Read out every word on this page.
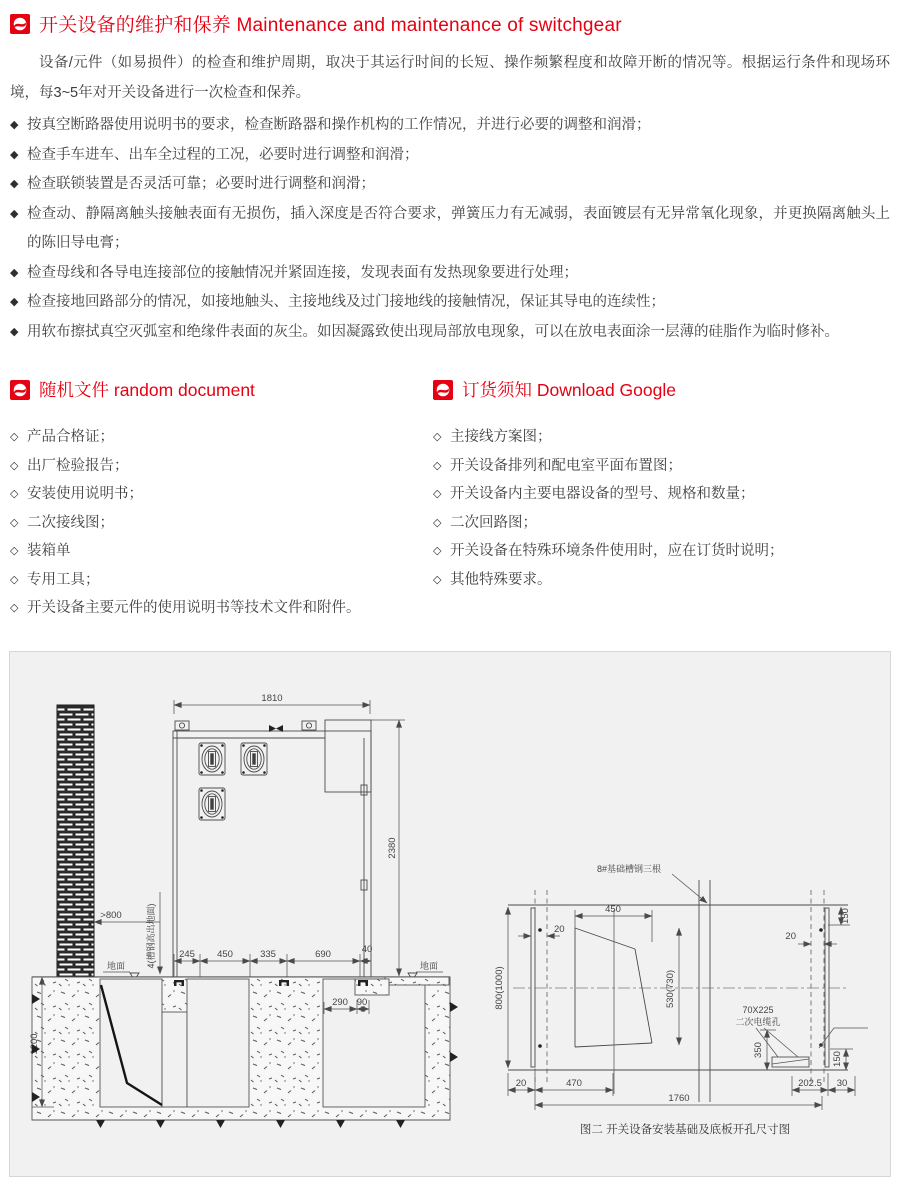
开关设备的维护和保养 Maintenance and maintenance of switchgear

设备/元件（如易损件）的检查和维护周期，取决于其运行时间的长短、操作频繁程度和故障开断的情况等。根据运行条件和现场环境，每3~5年对开关设备进行一次检查和保养。

◆ 按真空断路器使用说明书的要求，检查断路器和操作机构的工作情况，并进行必要的调整和润滑；
◆ 检查手车进车、出车全过程的工况，必要时进行调整和润滑；
◆ 检查联锁装置是否灵活可靠；必要时进行调整和润滑；
◆ 检查动、静隔离触头接触表面有无损伤，插入深度是否符合要求，弹簧压力有无减弱，表面镀层有无异常氧化现象，并更换隔离触头上的陈旧导电膏；
◆ 检查母线和各导电连接部位的接触情况并紧固连接，发现表面有发热现象要进行处理；
◆ 检查接地回路部分的情况，如接地触头、主接地线及过门接地线的接触情况，保证其导电的连续性；
◆ 用软布擦拭真空灭弧室和绝缘件表面的灰尘。如因凝露致使出现局部放电现象，可以在放电表面涂一层薄的硅脂作为临时修补。
随机文件 random document
◇ 产品合格证；
◇ 出厂检验报告；
◇ 安装使用说明书；
◇ 二次接线图；
◇ 装箱单
◇ 专用工具；
◇ 开关设备主要元件的使用说明书等技术文件和附件。
订货须知 Download Google
◇ 主接线方案图；
◇ 开关设备排列和配电室平面布置图；
◇ 开关设备内主要电器设备的型号、规格和数量；
◇ 二次回路图；
◇ 开关设备在特殊环境条件使用时，应在订货时说明；
◇ 其他特殊要求。
1810
2380
>800	4(槽钢高出地面)
地面	地面
245 450	335	690	40
290 90
1200
8#基础槽钢三根
450
530(730)
800(1000)
20
20
150
70X225
二次电缆孔
350
150
20	470	202.5 30
1760
图二 开关设备安装基础及底板开孔尺寸图
